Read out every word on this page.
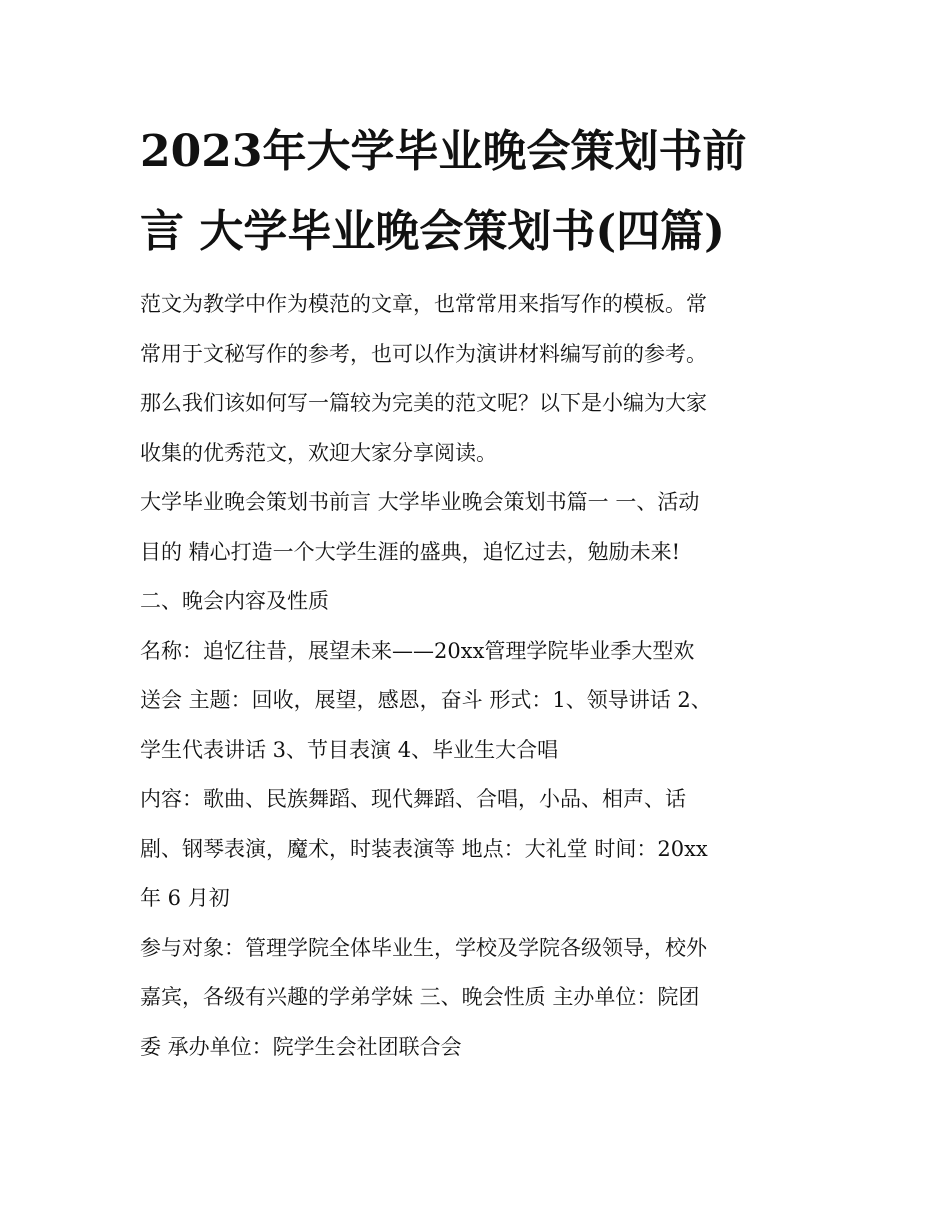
2023年大学毕业晚会策划书前
言 大学毕业晚会策划书(四篇)
范文为教学中作为模范的文章，也常常用来指写作的模板。常
常用于文秘写作的参考，也可以作为演讲材料编写前的参考。
那么我们该如何写一篇较为完美的范文呢？以下是小编为大家
收集的优秀范文，欢迎大家分享阅读。
大学毕业晚会策划书前言 大学毕业晚会策划书篇一 一、活动
目的 精心打造一个大学生涯的盛典，追忆过去，勉励未来!
二、晚会内容及性质
名称：追忆往昔，展望未来——20xx管理学院毕业季大型欢
送会 主题：回收，展望，感恩，奋斗 形式：1、领导讲话 2、
学生代表讲话 3、节目表演 4、毕业生大合唱
内容：歌曲、民族舞蹈、现代舞蹈、合唱，小品、相声、话
剧、钢琴表演，魔术，时装表演等 地点：大礼堂 时间：20xx
年 6 月初
参与对象：管理学院全体毕业生，学校及学院各级领导，校外
嘉宾，各级有兴趣的学弟学妹 三、晚会性质 主办单位：院团
委 承办单位：院学生会社团联合会
